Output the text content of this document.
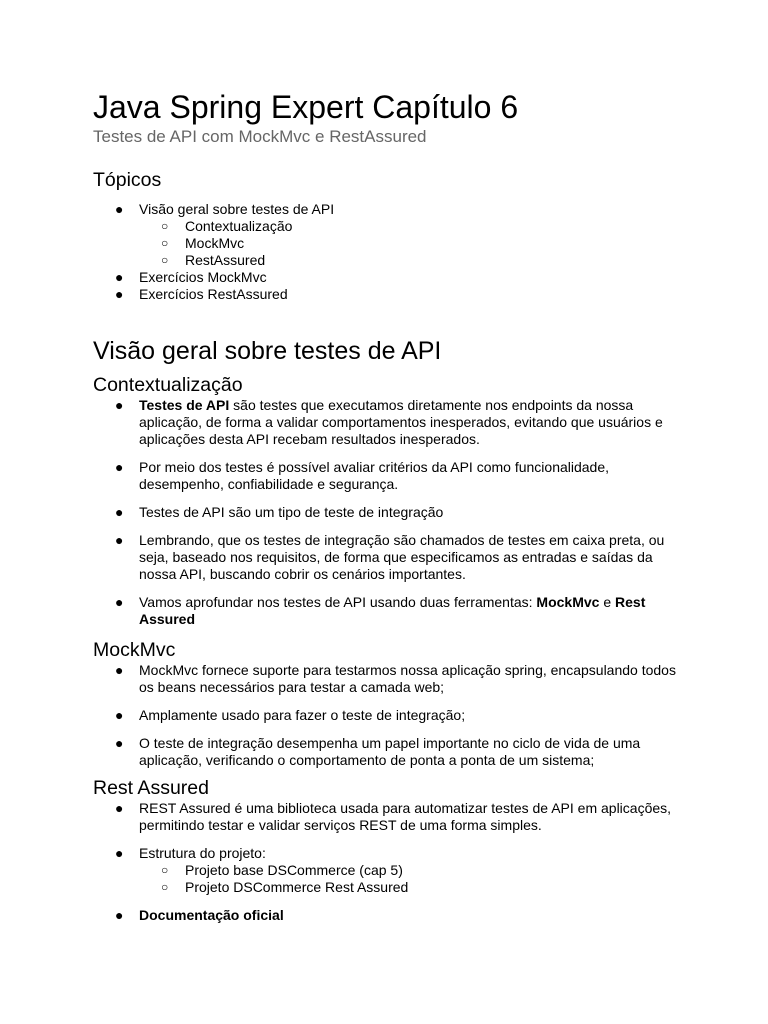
Java Spring Expert Capítulo 6
Testes de API com MockMvc e RestAssured
Tópicos
● Visão geral sobre testes de API
○ Contextualização
○ MockMvc
○ RestAssured
● Exercícios MockMvc
● Exercícios RestAssured
Visão geral sobre testes de API
Contextualização
● Testes de API são testes que executamos diretamente nos endpoints da nossa aplicação, de forma a validar comportamentos inesperados, evitando que usuários e aplicações desta API recebam resultados inesperados.
● Por meio dos testes é possível avaliar critérios da API como funcionalidade, desempenho, confiabilidade e segurança.
● Testes de API são um tipo de teste de integração
● Lembrando, que os testes de integração são chamados de testes em caixa preta, ou seja, baseado nos requisitos, de forma que especificamos as entradas e saídas da nossa API, buscando cobrir os cenários importantes.
● Vamos aprofundar nos testes de API usando duas ferramentas: MockMvc e Rest Assured
MockMvc
● MockMvc fornece suporte para testarmos nossa aplicação spring, encapsulando todos os beans necessários para testar a camada web;
● Amplamente usado para fazer o teste de integração;
● O teste de integração desempenha um papel importante no ciclo de vida de uma aplicação, verificando o comportamento de ponta a ponta de um sistema;
Rest Assured
● REST Assured é uma biblioteca usada para automatizar testes de API em aplicações, permitindo testar e validar serviços REST de uma forma simples.
● Estrutura do projeto:
○ Projeto base DSCommerce (cap 5)
○ Projeto DSCommerce Rest Assured
● Documentação oficial
